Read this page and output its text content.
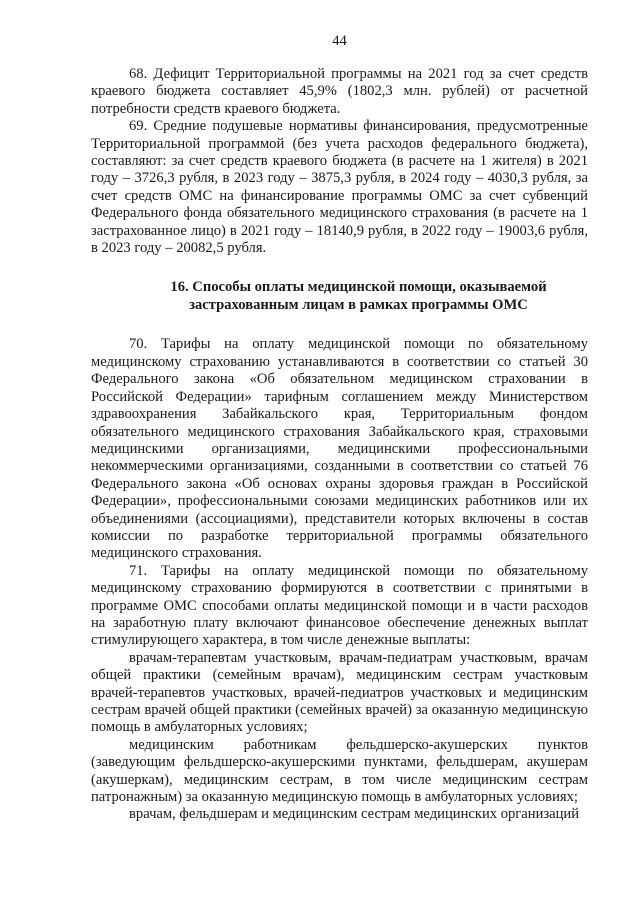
44

68. Дефицит Территориальной программы на 2021 год за счет средств краевого бюджета составляет 45,9% (1802,3 млн. рублей) от расчетной потребности средств краевого бюджета.

69. Средние подушевые нормативы финансирования, предусмотренные Территориальной программой (без учета расходов федерального бюджета), составляют: за счет средств краевого бюджета (в расчете на 1 жителя) в 2021 году – 3726,3 рубля, в 2023 году – 3875,3 рубля, в 2024 году – 4030,3 рубля, за счет средств ОМС на финансирование программы ОМС за счет субвенций Федерального фонда обязательного медицинского страхования (в расчете на 1 застрахованное лицо) в 2021 году – 18140,9 рубля, в 2022 году – 19003,6 рубля, в 2023 году – 20082,5 рубля.

16. Способы оплаты медицинской помощи, оказываемой застрахованным лицам в рамках программы ОМС

70. Тарифы на оплату медицинской помощи по обязательному медицинскому страхованию устанавливаются в соответствии со статьей 30 Федерального закона «Об обязательном медицинском страховании в Российской Федерации» тарифным соглашением между Министерством здравоохранения Забайкальского края, Территориальным фондом обязательного медицинского страхования Забайкальского края, страховыми медицинскими организациями, медицинскими профессиональными некоммерческими организациями, созданными в соответствии со статьей 76 Федерального закона «Об основах охраны здоровья граждан в Российской Федерации», профессиональными союзами медицинских работников или их объединениями (ассоциациями), представители которых включены в состав комиссии по разработке территориальной программы обязательного медицинского страхования.

71. Тарифы на оплату медицинской помощи по обязательному медицинскому страхованию формируются в соответствии с принятыми в программе ОМС способами оплаты медицинской помощи и в части расходов на заработную плату включают финансовое обеспечение денежных выплат стимулирующего характера, в том числе денежные выплаты:

врачам-терапевтам участковым, врачам-педиатрам участковым, врачам общей практики (семейным врачам), медицинским сестрам участковым врачей-терапевтов участковых, врачей-педиатров участковых и медицинским сестрам врачей общей практики (семейных врачей) за оказанную медицинскую помощь в амбулаторных условиях;

медицинским работникам фельдшерско-акушерских пунктов (заведующим фельдшерско-акушерскими пунктами, фельдшерам, акушерам (акушеркам), медицинским сестрам, в том числе медицинским сестрам патронажным) за оказанную медицинскую помощь в амбулаторных условиях;

врачам, фельдшерам и медицинским сестрам медицинских организаций
